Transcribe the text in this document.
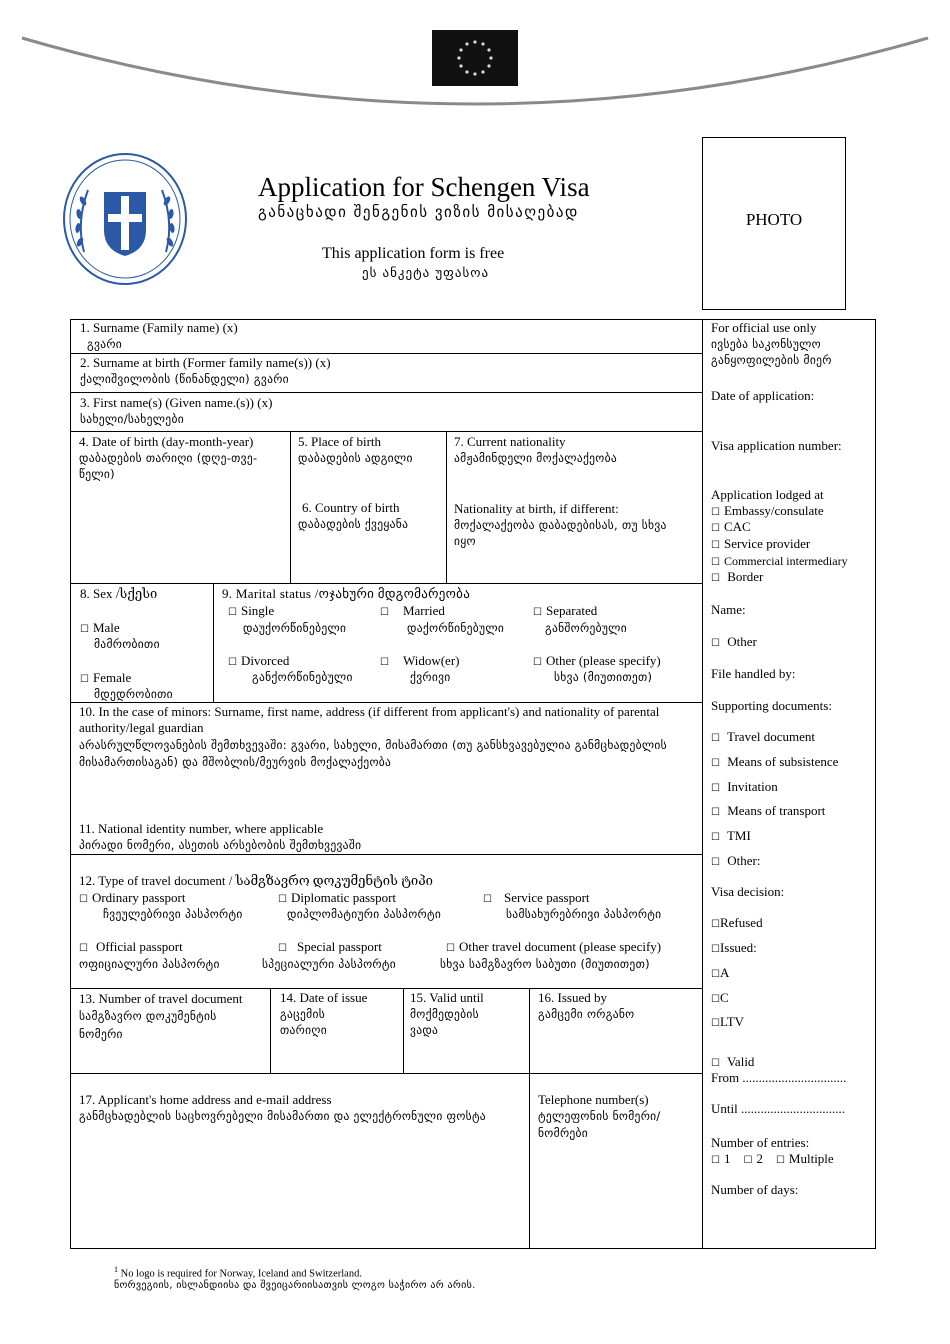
Application for Schengen Visa
განაცხადი შენგენის ვიზის მისაღებად
This application form is free
ეს ანკეტა უფასოა
PHOTO
1. Surname (Family name) (x)
გვარი
2. Surname at birth (Former family name(s)) (x)
ქალიშვილობის (წინანდელი) გვარი
3. First name(s) (Given name.(s)) (x)
სახელი/სახელები
4. Date of birth (day-month-year)
დაბადების თარიღი (დღე-თვე-წელი)
5. Place of birth
დაბადების ადგილი
6. Country of birth
დაბადების ქვეყანა
7. Current nationality
ამჟამინდელი მოქალაქეობა
Nationality at birth, if different:
მოქალაქეობა დაბადებისას, თუ სხვა იყო
8. Sex /სქესი
☐ Male
მამრობითი
☐ Female
მდედრობითი
9. Marital status /ოჯახური მდგომარეობა
☐ Single
დაუქორწინებელი
☐ Married
დაქორწინებული
☐ Separated
განშორებული
☐ Divorced
განქორწინებული
☐ Widow(er)
ქვრივი
☐ Other (please specify)
სხვა (მიუთითეთ)
10. In the case of minors: Surname, first name, address (if different from applicant's) and nationality of parental authority/legal guardian
არასრულწლოვანების შემთხვევაში: გვარი, სახელი, მისამართი (თუ განსხვავებულია განმცხადებლის მისამართისაგან) და მშობლის/მეურვის მოქალაქეობა
11. National identity number, where applicable
პირადი ნომერი, ასეთის არსებობის შემთხვევაში
12. Type of travel document / სამგზავრო დოკუმენტის ტიპი
☐ Ordinary passport
ჩვეულებრივი პასპორტი
☐ Diplomatic passport
დიპლომატიური პასპორტი
☐ Service passport
სამსახურებრივი პასპორტი
☐ Official passport
ოფიციალური პასპორტი
☐ Special passport
სპეციალური პასპორტი
☐ Other travel document (please specify)
სხვა სამგზავრო საბუთი (მიუთითეთ)
13. Number of travel document სამგზავრო დოკუმენტის ნომერი
14. Date of issue
გაცემის თარიღი
15. Valid until
მოქმედების ვადა
16. Issued by
გამცემი ორგანო
17. Applicant's home address and e-mail address
განმცხადებლის საცხოვრებელი მისამართი და ელექტრონული ფოსტა
Telephone number(s)
ტელეფონის ნომერი/ნომრები
For official use only
ივსება საკონსულო განყოფილების მიერ
Date of application:
Visa application number:
Application lodged at
☐ Embassy/consulate
☐ CAC
☐ Service provider
☐ Commercial intermediary
☐ Border
Name:
☐ Other
File handled by:
Supporting documents:
☐ Travel document
☐ Means of subsistence
☐ Invitation
☐ Means of transport
☐ TMI
☐ Other:
Visa decision:
☐Refused
☐Issued:
☐A
☐C
☐LTV
☐ Valid
From ................................
Until ................................
Number of entries:
☐ 1 ☐ 2 ☐ Multiple
Number of days:
$^1$ No logo is required for Norway, Iceland and Switzerland.
ნორვეგიის, ისლანდიისა და შვეიცარიისათვის ლოგო საჭირო არ არის.
